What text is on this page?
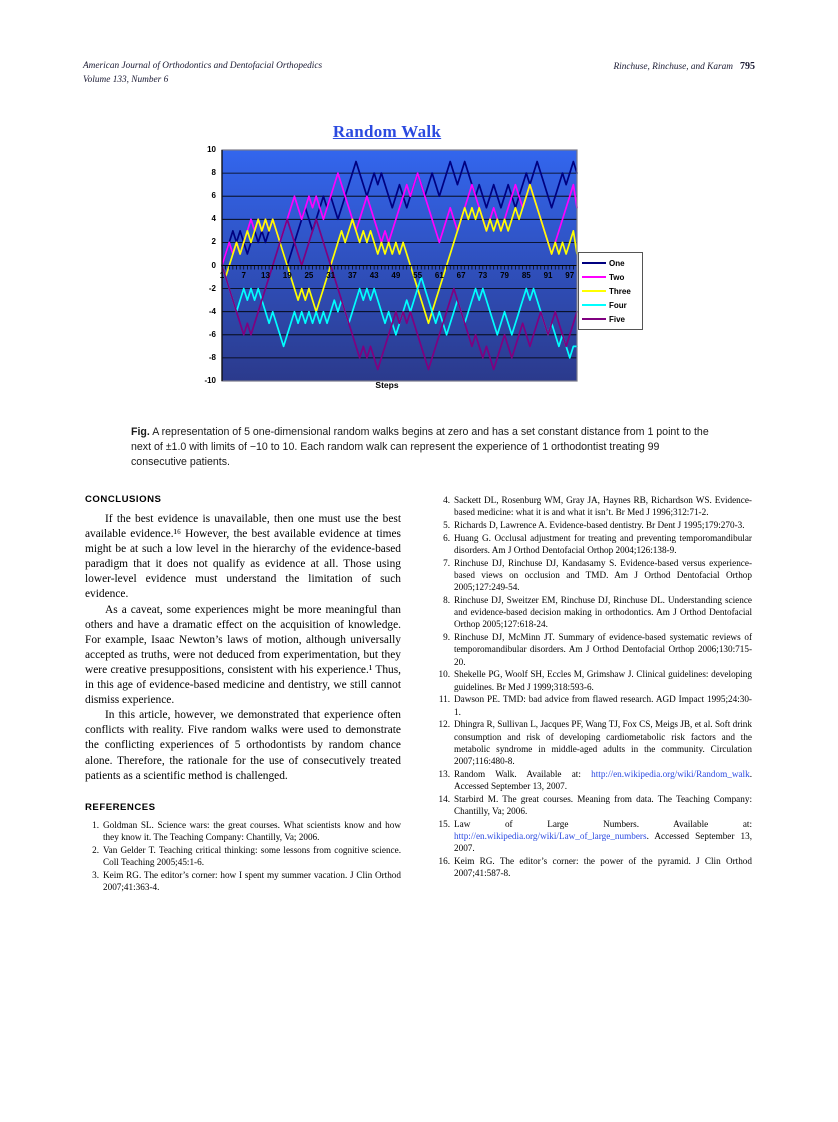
Rinchuse, Rinchuse, and Karam 795
American Journal of Orthodontics and Dentofacial Orthopedics
Volume 133, Number 6
Random Walk
10
8
6
4
2
0
-2
-4
-6
-8
-10
1 7 13 19 25 31 37 43 49 55 61 67 73 79 85 91 97
One
Two
Three
Four
Five
Steps
Fig. A representation of 5 one-dimensional random walks begins at zero and has a set constant distance from 1 point to the next of ±1.0 with limits of −10 to 10. Each random walk can represent the experience of 1 orthodontist treating 99 consecutive patients.
CONCLUSIONS

If the best evidence is unavailable, then one must use the best available evidence.¹⁶ However, the best available evidence at times might be at such a low level in the hierarchy of the evidence-based paradigm that it does not qualify as evidence at all. Those using lower-level evidence must understand the limitation of such evidence.

As a caveat, some experiences might be more meaningful than others and have a dramatic effect on the acquisition of knowledge. For example, Isaac Newton’s laws of motion, although universally accepted as truths, were not deduced from experimentation, but they were creative presuppositions, consistent with his experience.¹ Thus, in this age of evidence-based medicine and dentistry, we still cannot dismiss experience.

In this article, however, we demonstrated that experience often conflicts with reality. Five random walks were used to demonstrate the conflicting experiences of 5 orthodontists by random chance alone. Therefore, the rationale for the use of consecutively treated patients as a scientific method is challenged.

REFERENCES
1. Goldman SL. Science wars: the great courses. What scientists know and how they know it. The Teaching Company: Chantilly, Va; 2006.
2. Van Gelder T. Teaching critical thinking: some lessons from cognitive science. Coll Teaching 2005;45:1-6.
3. Keim RG. The editor’s corner: how I spent my summer vacation. J Clin Orthod 2007;41:363-4.
4. Sackett DL, Rosenburg WM, Gray JA, Haynes RB, Richardson WS. Evidence- based medicine: what it is and what it isn’t. Br Med J 1996;312:71-2.
5. Richards D, Lawrence A. Evidence-based dentistry. Br Dent J 1995;179:270-3.
6. Huang G. Occlusal adjustment for treating and preventing temporomandibular disorders. Am J Orthod Dentofacial Orthop 2004;126:138-9.
7. Rinchuse DJ, Rinchuse DJ, Kandasamy S. Evidence-based versus experience-based views on occlusion and TMD. Am J Orthod Dentofacial Orthop 2005;127:249-54.
8. Rinchuse DJ, Sweitzer EM, Rinchuse DJ, Rinchuse DL. Understanding science and evidence-based decision making in orthodontics. Am J Orthod Dentofacial Orthop 2005;127:618-24.
9. Rinchuse DJ, McMinn JT. Summary of evidence-based systematic reviews of temporomandibular disorders. Am J Orthod Dentofacial Orthop 2006;130:715-20.
10. Shekelle PG, Woolf SH, Eccles M, Grimshaw J. Clinical guidelines: developing guidelines. Br Med J 1999;318:593-6.
11. Dawson PE. TMD: bad advice from flawed research. AGD Impact 1995;24:30-1.
12. Dhingra R, Sullivan L, Jacques PF, Wang TJ, Fox CS, Meigs JB, et al. Soft drink consumption and risk of developing cardiometabolic risk factors and the metabolic syndrome in middle-aged adults in the community. Circulation 2007;116:480-8.
13. Random Walk. Available at: http://en.wikipedia.org/wiki/Random_walk. Accessed September 13, 2007.
14. Starbird M. The great courses. Meaning from data. The Teaching Company: Chantilly, Va; 2006.
15. Law of Large Numbers. Available at: http://en.wikipedia.org/wiki/Law_of_large_numbers. Accessed September 13, 2007.
16. Keim RG. The editor’s corner: the power of the pyramid. J Clin Orthod 2007;41:587-8.
